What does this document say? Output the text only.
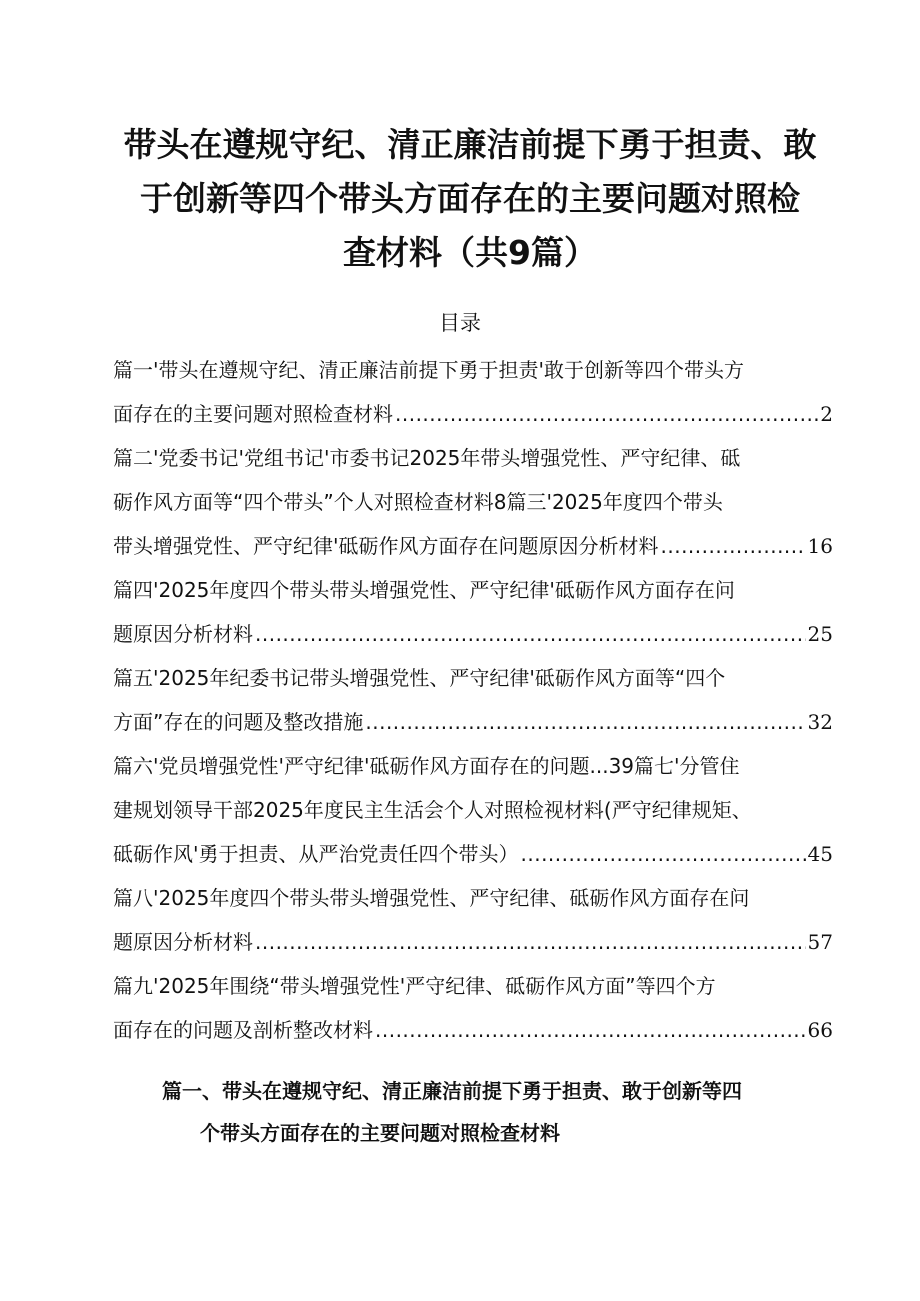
带头在遵规守纪、清正廉洁前提下勇于担责、敢
于创新等四个带头方面存在的主要问题对照检
查材料（共9篇）
目录
篇一'带头在遵规守纪、清正廉洁前提下勇于担责'敢于创新等四个带头方
面存在的主要问题对照检查材料 .....	2
篇二'党委书记'党组书记'市委书记2025年带头增强党性、严守纪律、砥
砺作风方面等“四个带头”个人对照检查材料8篇三'2025年度四个带头
带头增强党性、严守纪律'砥砺作风方面存在问题原因分析材料 .....	16
篇四'2025年度四个带头带头增强党性、严守纪律'砥砺作风方面存在问
题原因分析材料 .....	25
篇五'2025年纪委书记带头增强党性、严守纪律'砥砺作风方面等“四个
方面”存在的问题及整改措施 .....	32
篇六'党员增强党性'严守纪律'砥砺作风方面存在的问题...39篇七'分管住
建规划领导干部2025年度民主生活会个人对照检视材料(严守纪律规矩、
砥砺作风'勇于担责、从严治党责任四个带头） .....	45
篇八'2025年度四个带头带头增强党性、严守纪律、砥砺作风方面存在问
题原因分析材料 .....	57
篇九'2025年围绕“带头增强党性'严守纪律、砥砺作风方面”等四个方
面存在的问题及剖析整改材料 .....	66
篇一、带头在遵规守纪、清正廉洁前提下勇于担责、敢于创新等四
个带头方面存在的主要问题对照检查材料
